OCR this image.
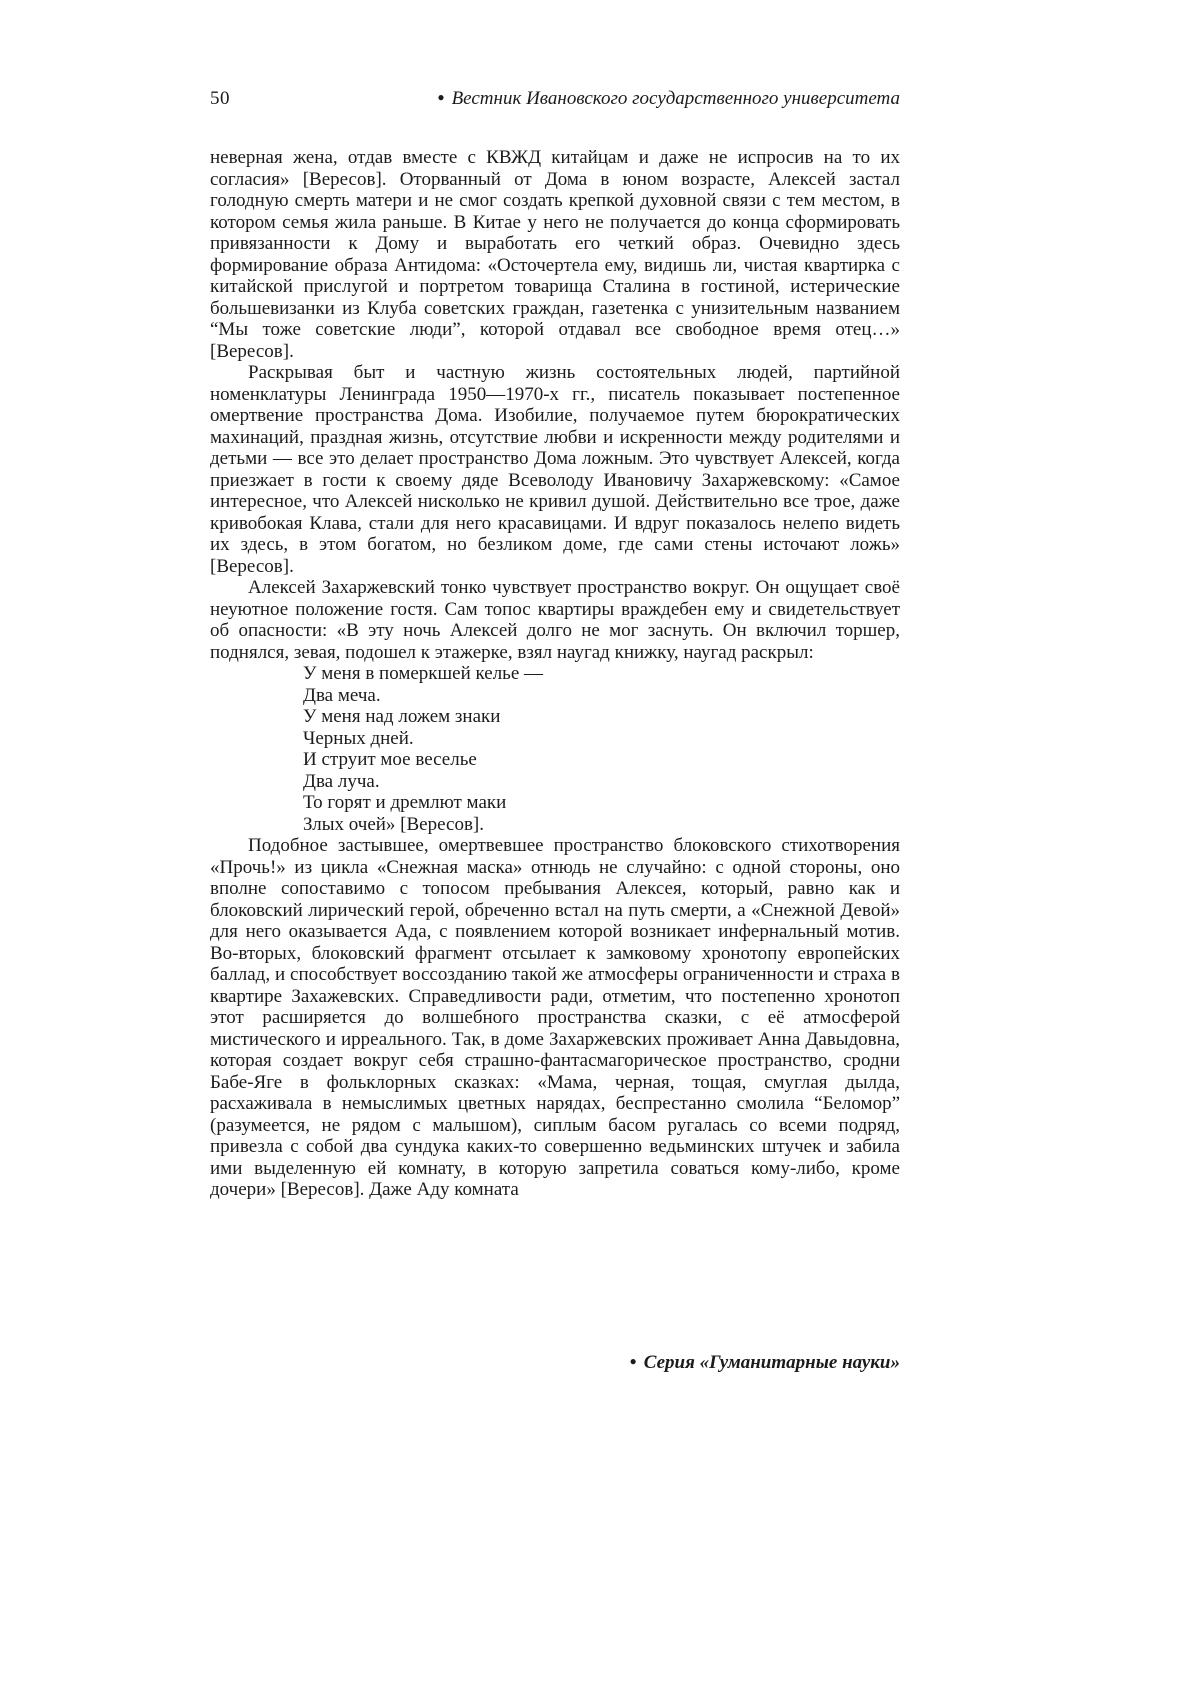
50	● Вестник Ивановского государственного университета

неверная жена, отдав вместе с КВЖД китайцам и даже не испросив на то их согласия» [Вересов]. Оторванный от Дома в юном возрасте, Алексей застал голодную смерть матери и не смог создать крепкой духовной связи с тем местом, в котором семья жила раньше. В Китае у него не получается до конца сформировать привязанности к Дому и выработать его четкий образ. Очевидно здесь формирование образа Антидома: «Осточертела ему, видишь ли, чистая квартирка с китайской прислугой и портретом товарища Сталина в гостиной, истерические большевизанки из Клуба советских граждан, газетенка с унизительным названием “Мы тоже советские люди”, которой отдавал все свободное время отец…» [Вересов].

Раскрывая быт и частную жизнь состоятельных людей, партийной номенклатуры Ленинграда 1950—1970-х гг., писатель показывает постепенное омертвение пространства Дома. Изобилие, получаемое путем бюрократических махинаций, праздная жизнь, отсутствие любви и искренности между родителями и детьми — все это делает пространство Дома ложным. Это чувствует Алексей, когда приезжает в гости к своему дяде Всеволоду Ивановичу Захаржевскому: «Самое интересное, что Алексей нисколько не кривил душой. Действительно все трое, даже кривобокая Клава, стали для него красавицами. И вдруг показалось нелепо видеть их здесь, в этом богатом, но безликом доме, где сами стены источают ложь» [Вересов].

Алексей Захаржевский тонко чувствует пространство вокруг. Он ощущает своё неуютное положение гостя. Сам топос квартиры враждебен ему и свидетельствует об опасности: «В эту ночь Алексей долго не мог заснуть. Он включил торшер, поднялся, зевая, подошел к этажерке, взял наугад книжку, наугад раскрыл:

У меня в померкшей келье —
Два меча.
У меня над ложем знаки
Черных дней.
И струит мое веселье
Два луча.
То горят и дремлют маки
Злых очей» [Вересов].

Подобное застывшее, омертвевшее пространство блоковского стихотворения «Прочь!» из цикла «Снежная маска» отнюдь не случайно: с одной стороны, оно вполне сопоставимо с топосом пребывания Алексея, который, равно как и блоковский лирический герой, обреченно встал на путь смерти, а «Снежной Девой» для него оказывается Ада, с появлением которой возникает инфернальный мотив. Во-вторых, блоковский фрагмент отсылает к замковому хронотопу европейских баллад, и способствует воссозданию такой же атмосферы ограниченности и страха в квартире Захажевских. Справедливости ради, отметим, что постепенно хронотоп этот расширяется до волшебного пространства сказки, с её атмосферой мистического и ирреального. Так, в доме Захаржевских проживает Анна Давыдовна, которая создает вокруг себя страшно-фантасмагорическое пространство, сродни Бабе-Яге в фольклорных сказках: «Мама, черная, тощая, смуглая дылда, расхаживала в немыслимых цветных нарядах, беспрестанно смолила “Беломор” (разумеется, не рядом с малышом), сиплым басом ругалась со всеми подряд, привезла с собой два сундука каких-то совершенно ведьминских штучек и забила ими выделенную ей комнату, в которую запретила соваться кому-либо, кроме дочери» [Вересов]. Даже Аду комната

● Серия «Гуманитарные науки»
